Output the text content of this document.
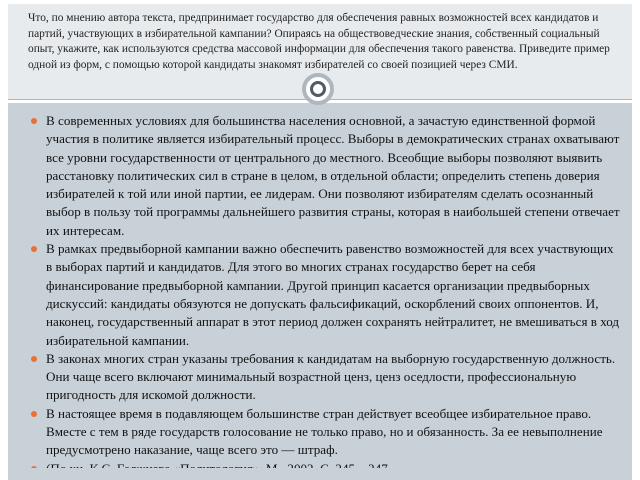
Что, по мнению автора текста, предпринимает государство для обеспечения равных возможностей всех кандидатов и партий, участвующих в избирательной кампании? Опираясь на обществоведческие знания, собственный социальный опыт, укажите, как используются средства массовой информации для обеспечения такого равенства. Приведите пример одной из форм, с помощью которой кандидаты знакомят избирателей со своей позицией через СМИ.

В современных условиях для большинства населения основной, а зачастую единственной формой участия в политике является избирательный процесс. Выборы в демократических странах охватывают все уровни государственности от центрального до местного. Всеобщие выборы позволяют выявить расстановку политических сил в стране в целом, в отдельной области; определить степень доверия избирателей к той или иной партии, ее лидерам. Они позволяют избирателям сделать осознанный выбор в пользу той программы дальнейшего развития страны, которая в наибольшей степени отвечает их интересам.
В рамках предвыборной кампании важно обеспечить равенство возможностей для всех участвующих в выборах партий и кандидатов. Для этого во многих странах государство берет на себя финансирование предвыборной кампании. Другой принцип касается организации предвыборных дискуссий: кандидаты обязуются не допускать фальсификаций, оскорблений своих оппонентов. И, наконец, государственный аппарат в этот период должен сохранять нейтралитет, не вмешиваться в ход избирательной кампании.
В законах многих стран указаны требования к кандидатам на выборную государственную должность. Они чаще всего включают минимальный возрастной ценз, ценз оседлости, профессиональную пригодность для искомой должности.
В настоящее время в подавляющем большинстве стран действует всеобщее избирательное право. Вместе с тем в ряде государств голосование не только право, но и обязанность. За ее невыполнение предусмотрено наказание, чаще всего это — штраф.
